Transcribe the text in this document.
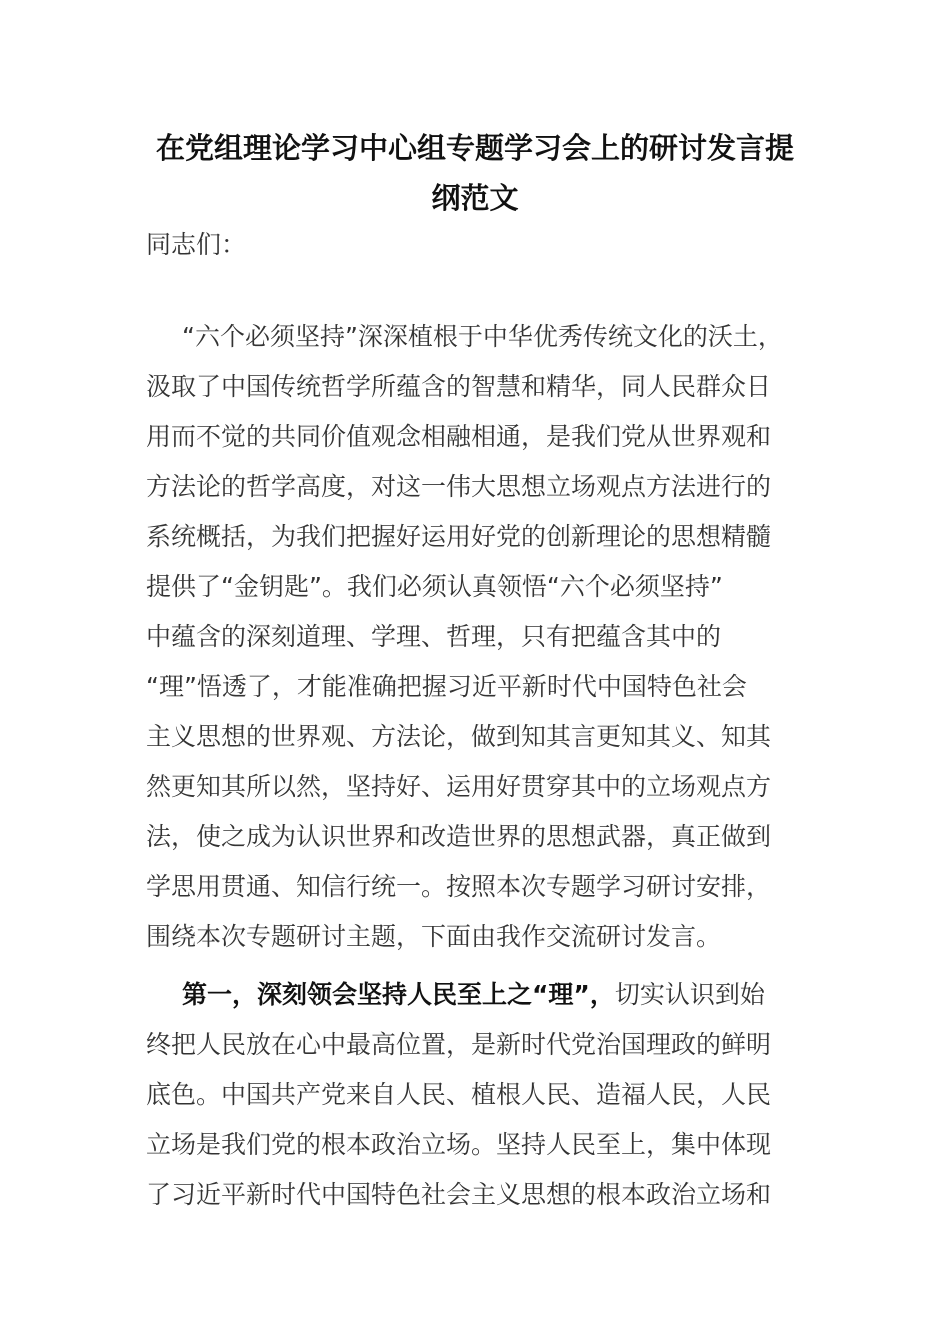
在党组理论学习中心组专题学习会上的研讨发言提
纲范文

同志们：

“六个必须坚持”深深植根于中华优秀传统文化的沃土，

汲取了中国传统哲学所蕴含的智慧和精华，同人民群众日

用而不觉的共同价值观念相融相通，是我们党从世界观和

方法论的哲学高度，对这一伟大思想立场观点方法进行的

系统概括，为我们把握好运用好党的创新理论的思想精髓

提供了“金钥匙”。我们必须认真领悟“六个必须坚持”

中蕴含的深刻道理、学理、哲理，只有把蕴含其中的

“理”悟透了，才能准确把握习近平新时代中国特色社会

主义思想的世界观、方法论，做到知其言更知其义、知其

然更知其所以然，坚持好、运用好贯穿其中的立场观点方

法，使之成为认识世界和改造世界的思想武器，真正做到

学思用贯通、知信行统一。按照本次专题学习研讨安排，

围绕本次专题研讨主题，下面由我作交流研讨发言。

第一，深刻领会坚持人民至上之“理”，切实认识到始

终把人民放在心中最高位置，是新时代党治国理政的鲜明

底色。中国共产党来自人民、植根人民、造福人民，人民

立场是我们党的根本政治立场。坚持人民至上，集中体现

了习近平新时代中国特色社会主义思想的根本政治立场和
